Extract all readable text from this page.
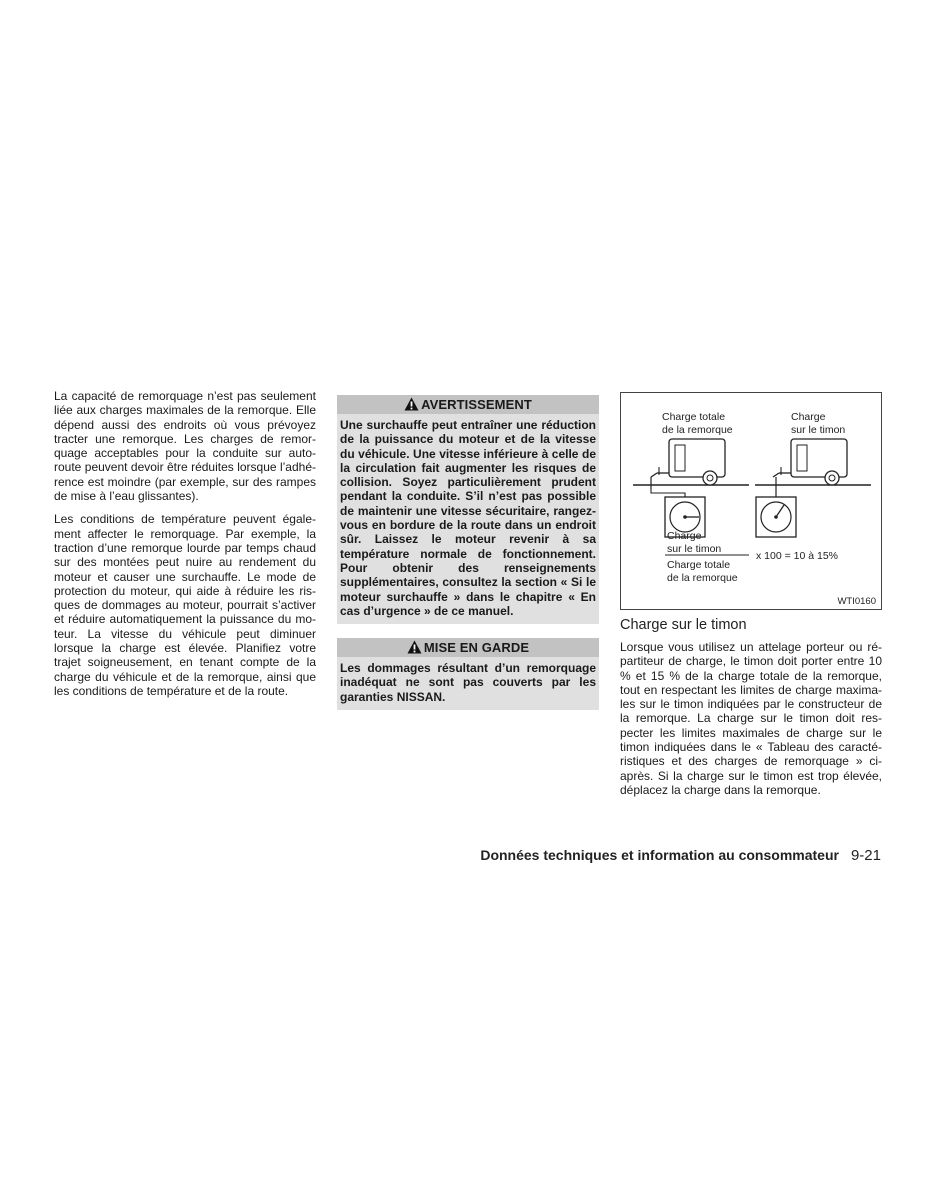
La capacité de remorquage n’est pas seulement liée aux charges maximales de la remorque. Elle dépend aussi des endroits où vous prévoyez tracter une remorque. Les charges de remorquage acceptables pour la conduite sur autoroute peuvent devoir être réduites lorsque l’adhérence est moindre (par exemple, sur des rampes de mise à l’eau glissantes).

Les conditions de température peuvent également affecter le remorquage. Par exemple, la traction d’une remorque lourde par temps chaud sur des montées peut nuire au rendement du moteur et causer une surchauffe. Le mode de protection du moteur, qui aide à réduire les risques de dommages au moteur, pourrait s’activer et réduire automatiquement la puissance du moteur. La vitesse du véhicule peut diminuer lorsque la charge est élevée. Planifiez votre trajet soigneusement, en tenant compte de la charge du véhicule et de la remorque, ainsi que les conditions de température et de la route.

AVERTISSEMENT
Une surchauffe peut entraîner une réduction de la puissance du moteur et de la vitesse du véhicule. Une vitesse inférieure à celle de la circulation fait augmenter les risques de collision. Soyez particulièrement prudent pendant la conduite. S’il n’est pas possible de maintenir une vitesse sécuritaire, rangez-vous en bordure de la route dans un endroit sûr. Laissez le moteur revenir à sa température normale de fonctionnement. Pour obtenir des renseignements supplémentaires, consultez la section « Si le moteur surchauffe » dans le chapitre « En cas d’urgence » de ce manuel.
MISE EN GARDE
Les dommages résultant d’un remorquage inadéquat ne sont pas couverts par les garanties NISSAN.
Charge totale
de la remorque
Charge
sur le timon
Charge
sur le timon
Charge totale
de la remorque
x 100 = 10 à 15%
WTI0160
Charge sur le timon

Lorsque vous utilisez un attelage porteur ou répartiteur de charge, le timon doit porter entre 10 % et 15 % de la charge totale de la remorque, tout en respectant les limites de charge maximales sur le timon indiquées par le constructeur de la remorque. La charge sur le timon doit respecter les limites maximales de charge sur le timon indiquées dans le « Tableau des caractéristiques et des charges de remorquage » ciaprès. Si la charge sur le timon est trop élevée, déplacez la charge dans la remorque.

Données techniques et information au consommateur 9-21
